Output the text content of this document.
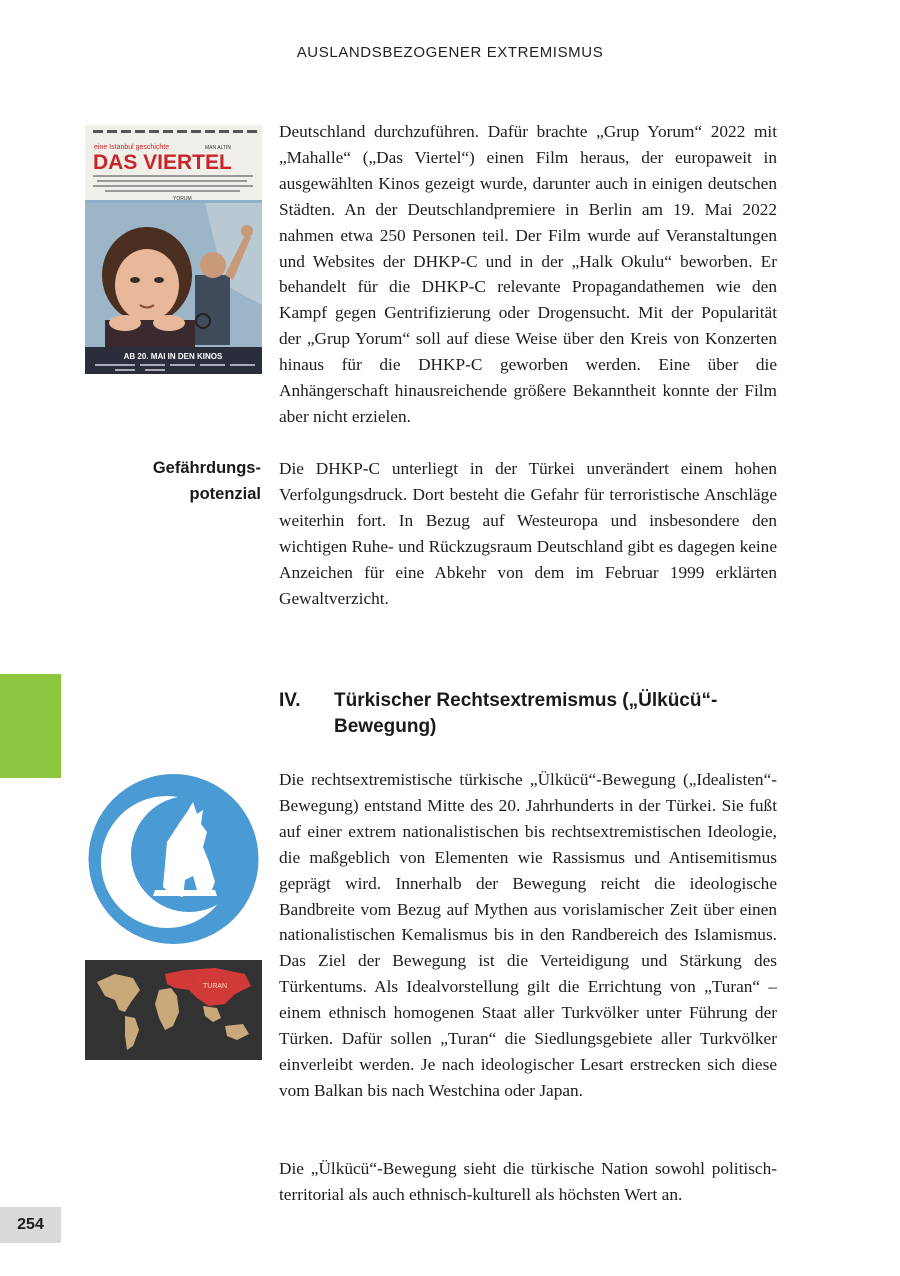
AUSLANDSBEZOGENER EXTREMISMUS
eine Istanbul geschichte	MAN ALTIN
DAS VIERTEL
YORUM
AB 20. MAI IN DEN KINOS

Deutschland durchzuführen. Dafür brachte „Grup Yorum“ 2022 mit „Mahalle“ („Das Viertel“) einen Film heraus, der europaweit in ausgewählten Kinos gezeigt wurde, darunter auch in einigen deutschen Städten. An der Deutschlandpremiere in Berlin am 19. Mai 2022 nahmen etwa 250 Personen teil. Der Film wurde auf Veranstaltungen und Websites der DHKP-C und in der „Halk Okulu“ beworben. Er behandelt für die DHKP-C relevante Propagandathemen wie den Kampf gegen Gentrifizierung oder Drogensucht. Mit der Popularität der „Grup Yorum“ soll auf diese Weise über den Kreis von Konzerten hinaus für die DHKP-C geworben werden. Eine über die Anhängerschaft hinausreichende größere Bekanntheit konnte der Film aber nicht erzielen.

Gefährdungspotenzial

Die DHKP-C unterliegt in der Türkei unverändert einem hohen Verfolgungsdruck. Dort besteht die Gefahr für terroristische Anschläge weiterhin fort. In Bezug auf Westeuropa und insbesondere den wichtigen Ruhe- und Rückzugsraum Deutschland gibt es dagegen keine Anzeichen für eine Abkehr von dem im Februar 1999 erklärten Gewaltverzicht.

IV. Türkischer Rechtsextremismus („Ülkücü“-Bewegung)
TURAN

Die rechtsextremistische türkische „Ülkücü“-Bewegung („Idealisten“-Bewegung) entstand Mitte des 20. Jahrhunderts in der Türkei. Sie fußt auf einer extrem nationalistischen bis rechtsextremistischen Ideologie, die maßgeblich von Elementen wie Rassismus und Antisemitismus geprägt wird. Innerhalb der Bewegung reicht die ideologische Bandbreite vom Bezug auf Mythen aus vorislamischer Zeit über einen nationalistischen Kemalismus bis in den Randbereich des Islamismus. Das Ziel der Bewegung ist die Verteidigung und Stärkung des Türkentums. Als Idealvorstellung gilt die Errichtung von „Turan“ – einem ethnisch homogenen Staat aller Turkvölker unter Führung der Türken. Dafür sollen „Turan“ die Siedlungsgebiete aller Turkvölker einverleibt werden. Je nach ideologischer Lesart erstrecken sich diese vom Balkan bis nach Westchina oder Japan.

Die „Ülkücü“-Bewegung sieht die türkische Nation sowohl politisch-territorial als auch ethnisch-kulturell als höchsten Wert an.

254
